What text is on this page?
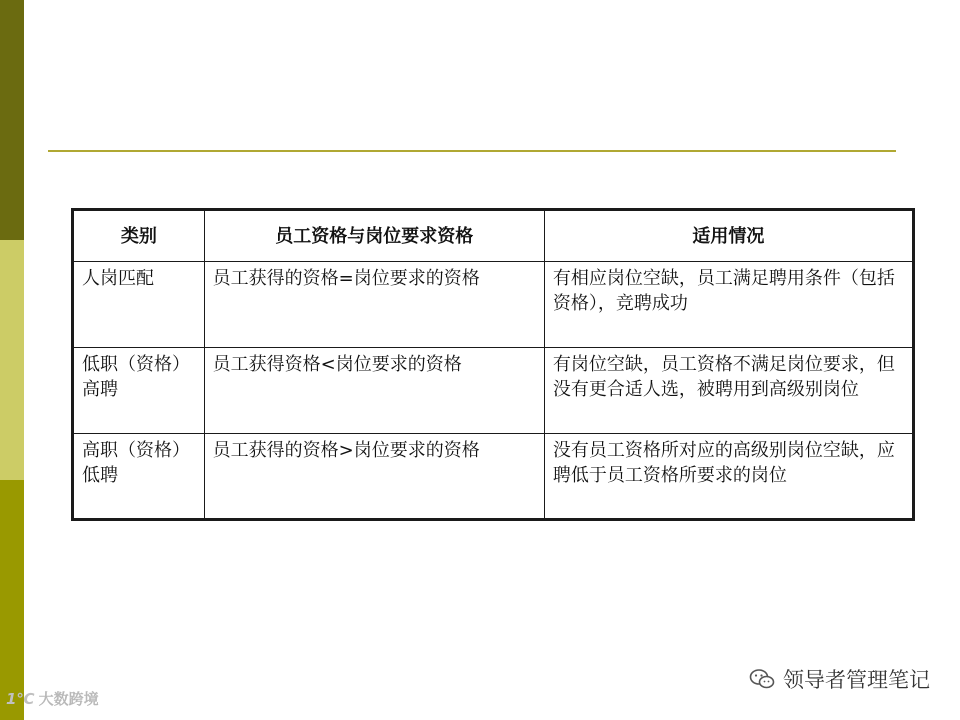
类别	员工资格与岗位要求资格	适用情况
人岗匹配	员工获得的资格=岗位要求的资格	有相应岗位空缺，员工满足聘用条件（包括资格），竞聘成功
低职（资格）高聘	员工获得资格<岗位要求的资格	有岗位空缺，员工资格不满足岗位要求，但没有更合适人选，被聘用到高级别岗位
高职（资格）低聘	员工获得的资格>岗位要求的资格	没有员工资格所对应的高级别岗位空缺，应聘低于员工资格所要求的岗位
1℃ 大数跨境
领导者管理笔记
